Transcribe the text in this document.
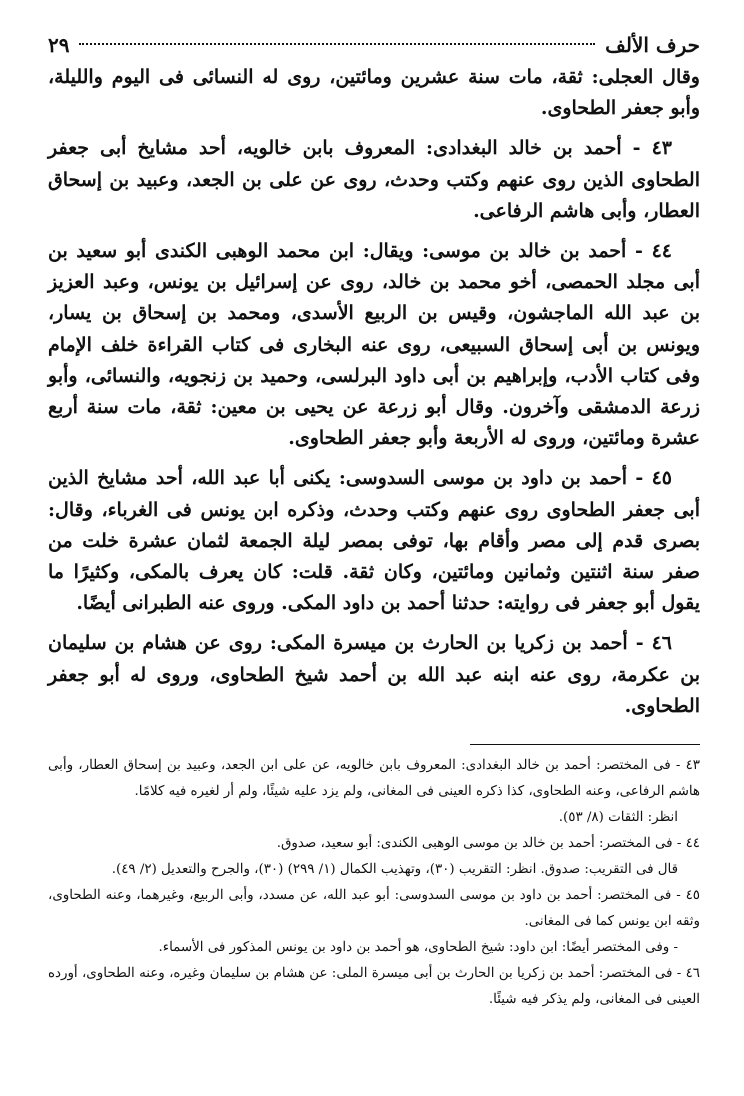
حرف الألف
٢٩

وقال العجلى: ثقة، مات سنة عشرين ومائتين، روى له النسائى فى اليوم والليلة، وأبو جعفر الطحاوى.

٤٣ - أحمد بن خالد البغدادى: المعروف بابن خالويه، أحد مشايخ أبى جعفر الطحاوى الذين روى عنهم وكتب وحدث، روى عن على بن الجعد، وعبيد بن إسحاق العطار، وأبى هاشم الرفاعى.

٤٤ - أحمد بن خالد بن موسى: ويقال: ابن محمد الوهبى الكندى أبو سعيد بن أبى مجلد الحمصى، أخو محمد بن خالد، روى عن إسرائيل بن يونس، وعبد العزيز بن عبد الله الماجشون، وقيس بن الربيع الأسدى، ومحمد بن إسحاق بن يسار، ويونس بن أبى إسحاق السبيعى، روى عنه البخارى فى كتاب القراءة خلف الإمام وفى كتاب الأدب، وإبراهيم بن أبى داود البرلسى، وحميد بن زنجويه، والنسائى، وأبو زرعة الدمشقى وآخرون. وقال أبو زرعة عن يحيى بن معين: ثقة، مات سنة أربع عشرة ومائتين، وروى له الأربعة وأبو جعفر الطحاوى.

٤٥ - أحمد بن داود بن موسى السدوسى: يكنى أبا عبد الله، أحد مشايخ الذين أبى جعفر الطحاوى روى عنهم وكتب وحدث، وذكره ابن يونس فى الغرباء، وقال: بصرى قدم إلى مصر وأقام بها، توفى بمصر ليلة الجمعة لثمان عشرة خلت من صفر سنة اثنتين وثمانين ومائتين، وكان ثقة. قلت: كان يعرف بالمكى، وكثيرًا ما يقول أبو جعفر فى روايته: حدثنا أحمد بن داود المكى. وروى عنه الطبرانى أيضًا.

٤٦ - أحمد بن زكريا بن الحارث بن ميسرة المكى: روى عن هشام بن سليمان بن عكرمة، روى عنه ابنه عبد الله بن أحمد شيخ الطحاوى، وروى له أبو جعفر الطحاوى.

٤٣ - فى المختصر: أحمد بن خالد البغدادى: المعروف بابن خالويه، عن على ابن الجعد، وعبيد بن إسحاق العطار، وأبى هاشم الرفاعى، وعنه الطحاوى، كذا ذكره العينى فى المغانى، ولم يزد عليه شيئًا، ولم أر لغيره فيه كلامًا.

انظر: الثقات (٨/ ٥٣).

٤٤ - فى المختصر: أحمد بن خالد بن موسى الوهبى الكندى: أبو سعيد، صدوق.

قال فى التقريب: صدوق. انظر: التقريب (٣٠)، وتهذيب الكمال (١/ ٢٩٩) (٣٠)، والجرح والتعديل (٢/ ٤٩).

٤٥ - فى المختصر: أحمد بن داود بن موسى السدوسى: أبو عبد الله، عن مسدد، وأبى الربيع، وغيرهما، وعنه الطحاوى، وثقه ابن يونس كما فى المغانى.

- وفى المختصر أيضًا: ابن داود: شيخ الطحاوى، هو أحمد بن داود بن يونس المذكور فى الأسماء.

٤٦ - فى المختصر: أحمد بن زكريا بن الحارث بن أبى ميسرة الملى: عن هشام بن سليمان وغيره، وعنه الطحاوى، أورده العينى فى المغانى، ولم يذكر فيه شيئًا.
